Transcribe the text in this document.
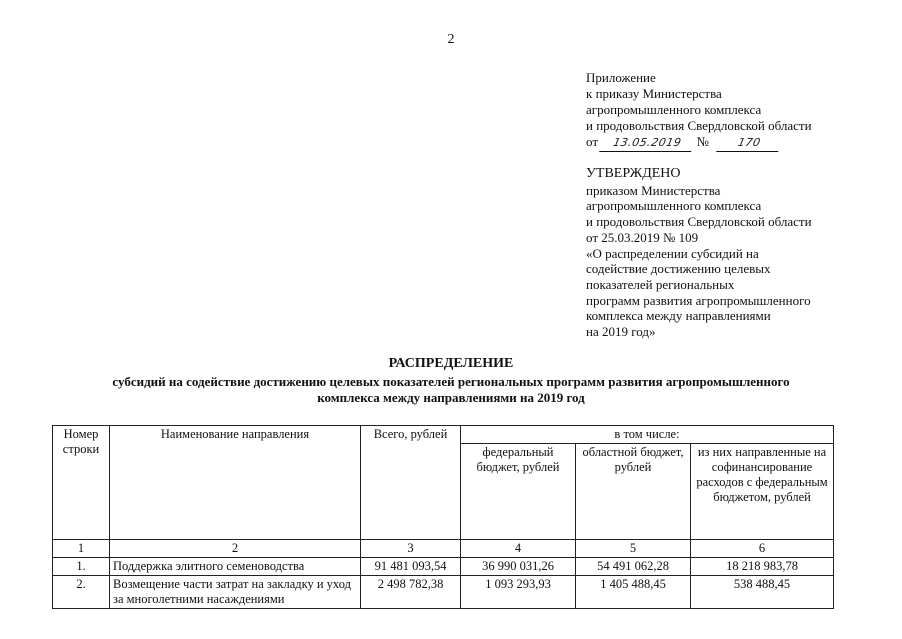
2
Приложение
к приказу Министерства
агропромышленного комплекса
и продовольствия Свердловской области
от 13.05.2019 №	170
УТВЕРЖДЕНО
приказом Министерства
агропромышленного комплекса
и продовольствия Свердловской области
от 25.03.2019 № 109
«О распределении субсидий на
содействие достижению целевых
показателей региональных
программ развития агропромышленного
комплекса между направлениями
на 2019 год»
РАСПРЕДЕЛЕНИЕ
субсидий на содействие достижению целевых показателей региональных программ развития агропромышленного
комплекса между направлениями на 2019 год
Номер строки	Наименование направления	Всего, рублей	в том числе:		
			федеральный бюджет, рублей	областной бюджет, рублей	из них направленные на софинансирование расходов с федеральным бюджетом, рублей
1	2	3	4	5	6
1.	Поддержка элитного семеноводства	91 481 093,54	36 990 031,26	54 491 062,28	18 218 983,78
2.	Возмещение части затрат на закладку и уход за многолетними насаждениями	2 498 782,38	1 093 293,93	1 405 488,45	538 488,45
